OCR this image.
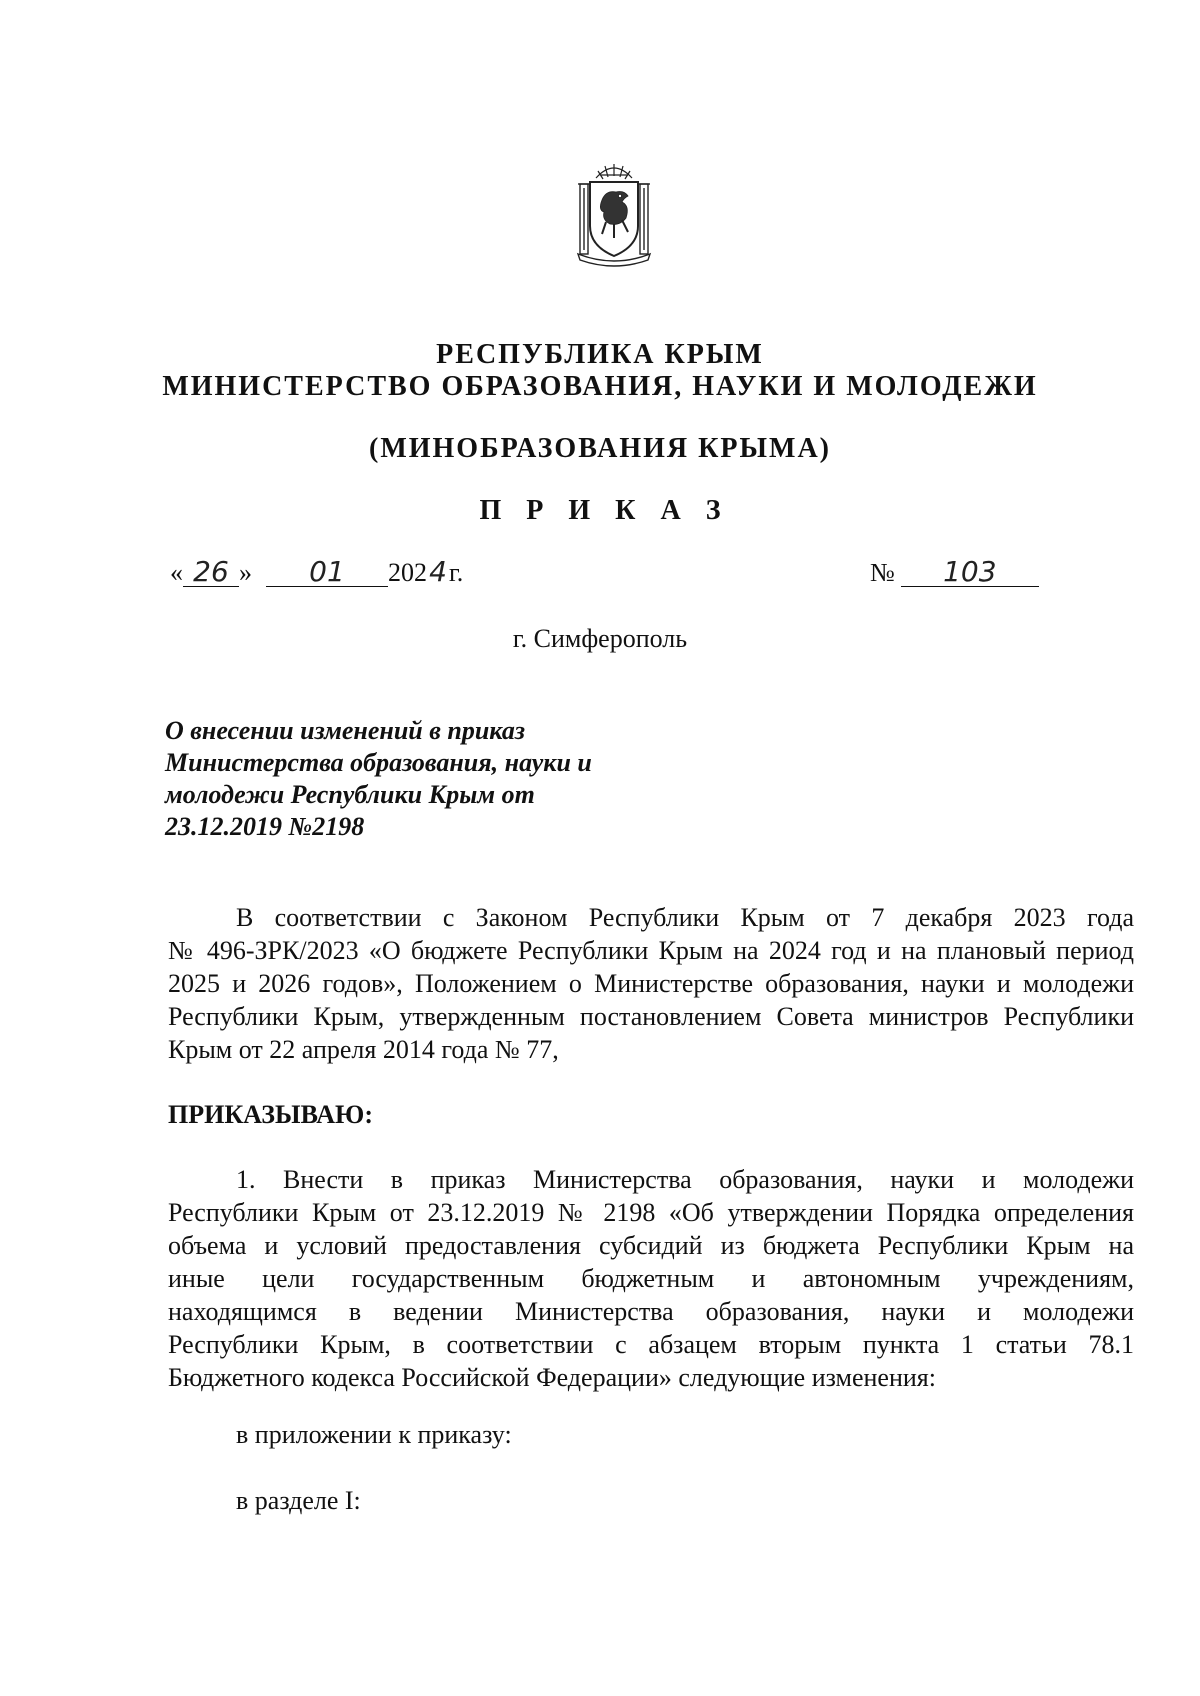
РЕСПУБЛИКА КРЫМ
МИНИСТЕРСТВО ОБРАЗОВАНИЯ, НАУКИ И МОЛОДЕЖИ
(МИНОБРАЗОВАНИЯ КРЫМА)
П Р И К А З
« 26 » 01 2024г.	№ 103
г. Симферополь
О внесении изменений в приказ
Министерства образования, науки и
молодежи Республики Крым от
23.12.2019 №2198
В соответствии с Законом Республики Крым от 7 декабря 2023 года
№ 496-ЗРК/2023 «О бюджете Республики Крым на 2024 год и на плановый период
2025 и 2026 годов», Положением о Министерстве образования, науки и молодежи
Республики Крым, утвержденным постановлением Совета министров Республики
Крым от 22 апреля 2014 года № 77,
ПРИКАЗЫВАЮ:
1. Внести в приказ Министерства образования, науки и молодежи
Республики Крым от 23.12.2019 № 2198 «Об утверждении Порядка определения
объема и условий предоставления субсидий из бюджета Республики Крым на
иные цели государственным бюджетным и автономным учреждениям,
находящимся в ведении Министерства образования, науки и молодежи
Республики Крым, в соответствии с абзацем вторым пункта 1 статьи 78.1
Бюджетного кодекса Российской Федерации» следующие изменения:
в приложении к приказу:
в разделе I:
